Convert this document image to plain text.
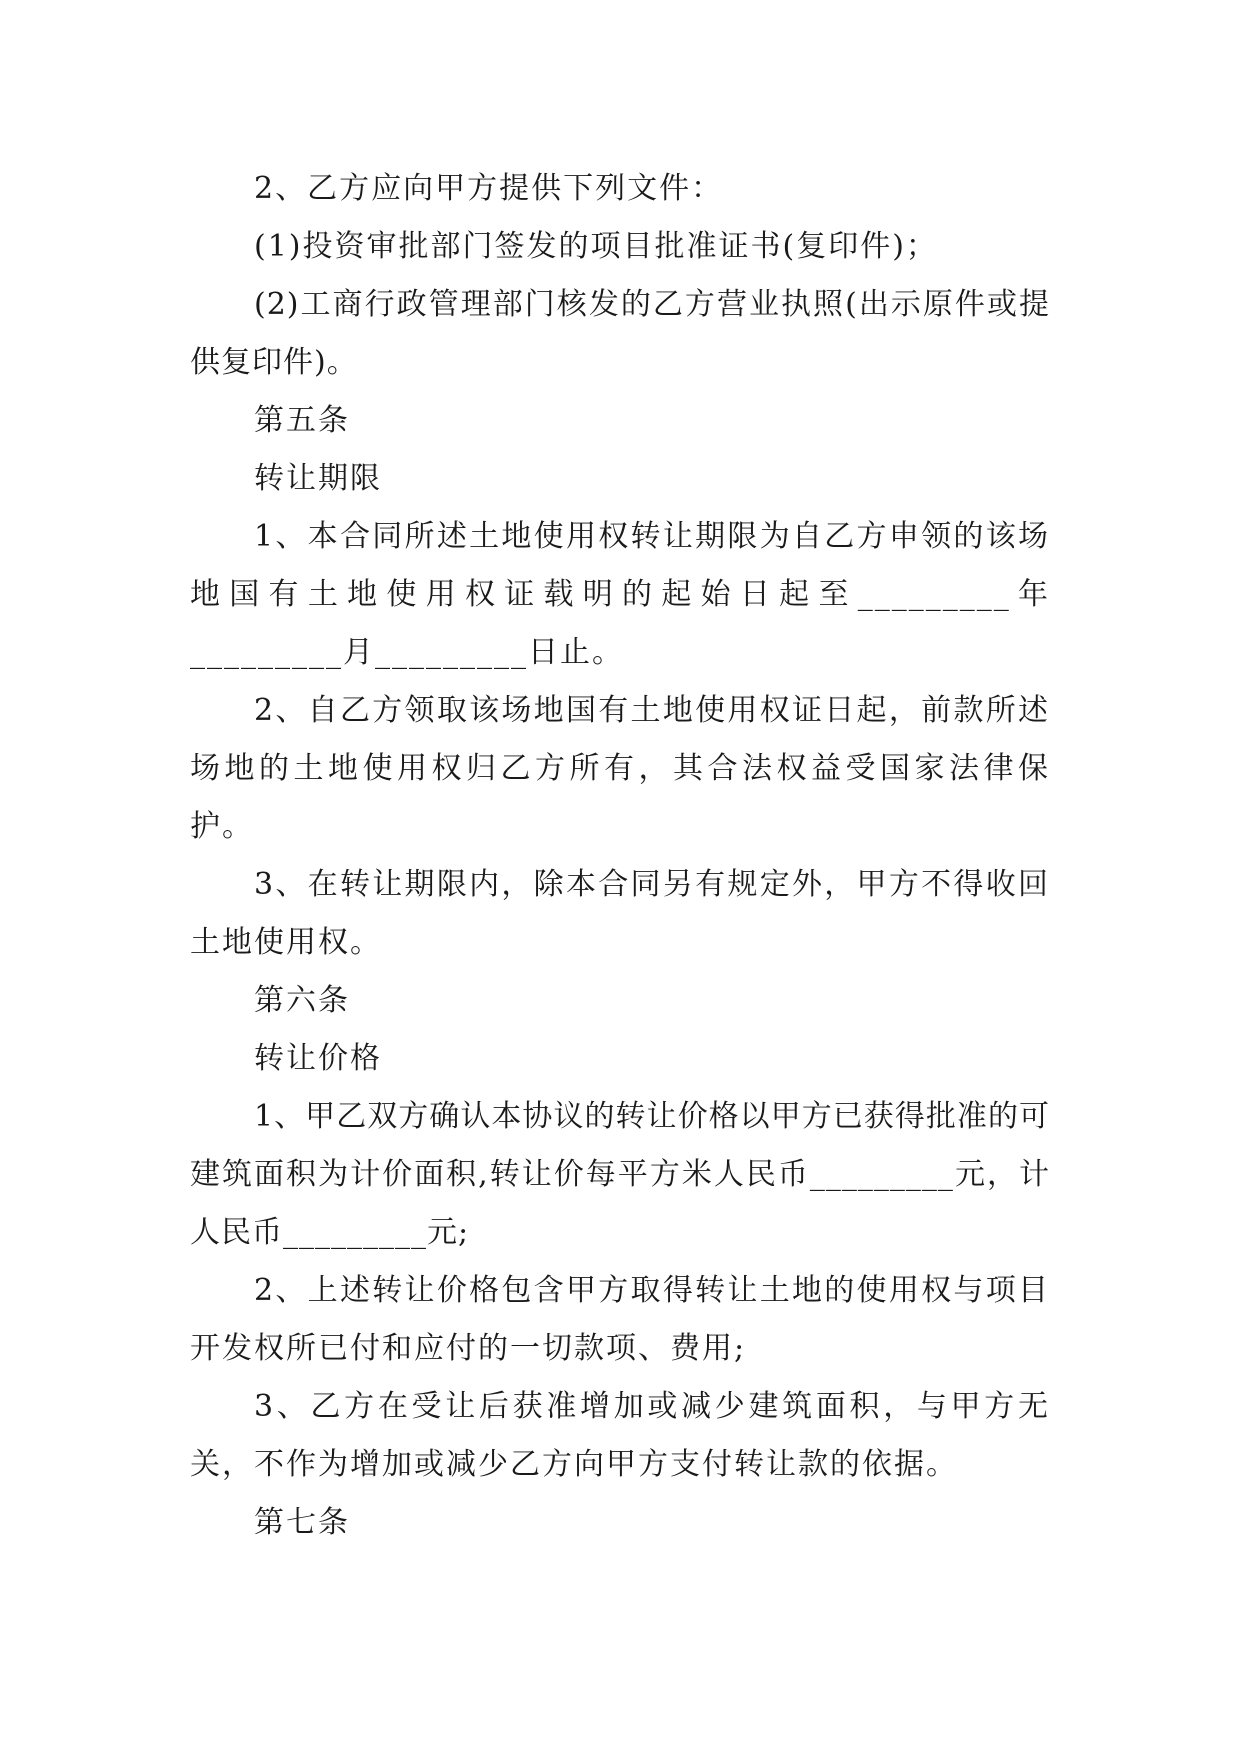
2、乙方应向甲方提供下列文件：

(1)投资审批部门签发的项目批准证书(复印件)；

(2)工商行政管理部门核发的乙方营业执照(出示原件或提供复印件)。

第五条

转让期限

1、本合同所述土地使用权转让期限为自乙方申领的该场地国有土地使用权证载明的起始日起至_________年_________月_________日止。

2、自乙方领取该场地国有土地使用权证日起，前款所述场地的土地使用权归乙方所有，其合法权益受国家法律保护。

3、在转让期限内，除本合同另有规定外，甲方不得收回土地使用权。

第六条

转让价格

1、甲乙双方确认本协议的转让价格以甲方已获得批准的可建筑面积为计价面积,转让价每平方米人民币_________元，计人民币_________元;

2、上述转让价格包含甲方取得转让土地的使用权与项目开发权所已付和应付的一切款项、费用;

3、乙方在受让后获准增加或减少建筑面积，与甲方无关，不作为增加或减少乙方向甲方支付转让款的依据。

第七条
